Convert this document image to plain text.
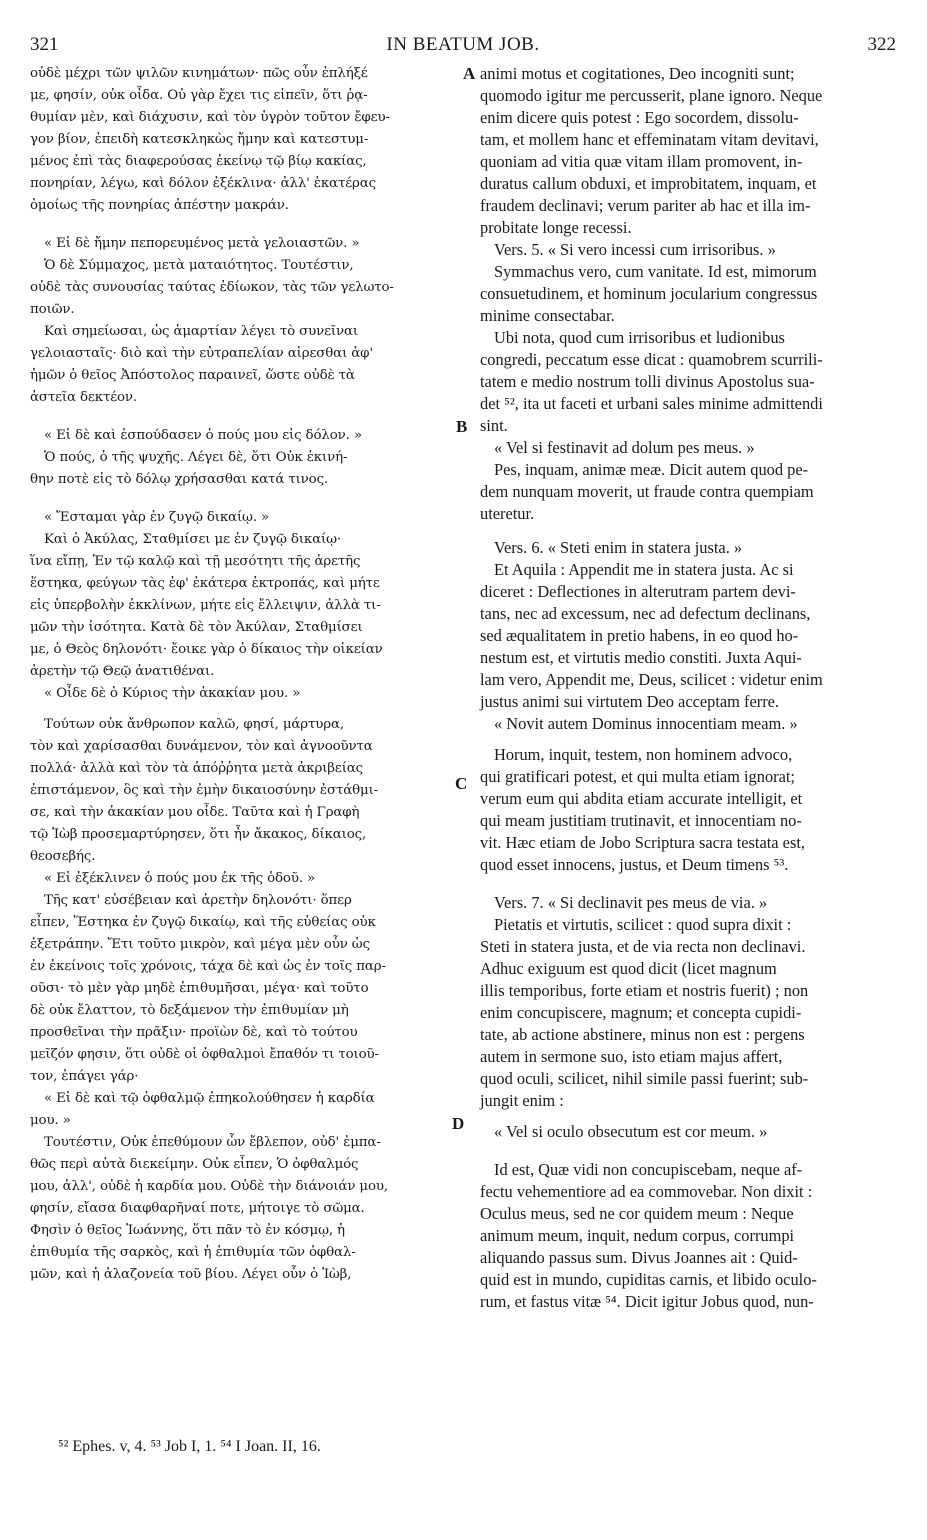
321	IN BEATUM JOB.	322

οὐδὲ μέχρι τῶν ψιλῶν κινημάτων· πῶς οὖν ἐπλήξέ
με, φησίν, οὐκ οἶδα. Οὐ γὰρ ἔχει τις εἰπεῖν, ὅτι ῥᾳ-
θυμίαν μὲν, καὶ διάχυσιν, καὶ τὸν ὑγρὸν τοῦτον ἔφευ-
γον βίον, ἐπειδὴ κατεσκληκὼς ἤμην καὶ κατεστυμ-
μένος ἐπὶ τὰς διαφερούσας ἐκείνῳ τῷ βίῳ κακίας,
πονηρίαν, λέγω, καὶ δόλον ἐξέκλινα· ἀλλ' ἑκατέρας
ὁμοίως τῆς πονηρίας ἀπέστην μακράν.

« Εἰ δὲ ἤμην πεπορευμένος μετὰ γελοιαστῶν. »

Ὁ δὲ Σύμμαχος, μετὰ ματαιότητος. Τουτέστιν,
οὐδὲ τὰς συνουσίας ταύτας ἐδίωκον, τὰς τῶν γελωτο-
ποιῶν.

Καὶ σημείωσαι, ὡς ἁμαρτίαν λέγει τὸ συνεῖναι
γελοιασταῖς· διὸ καὶ τὴν εὐτραπελίαν αἱρεσθαι ἀφ'
ἡμῶν ὁ θεῖος Ἀπόστολος παραινεῖ, ὥστε οὐδὲ τὰ
ἀστεῖα δεκτέον.

« Εἰ δὲ καὶ ἐσπούδασεν ὁ πούς μου εἰς δόλον. »

Ὁ πούς, ὁ τῆς ψυχῆς. Λέγει δὲ, ὅτι Οὐκ ἐκινή-
θην ποτὲ εἰς τὸ δόλῳ χρήσασθαι κατά τινος.

« Ἔσταμαι γὰρ ἐν ζυγῷ δικαίῳ. »

Καὶ ὁ Ἀκύλας, Σταθμίσει με ἐν ζυγῷ δικαίῳ·
ἵνα εἴπῃ, Ἐν τῷ καλῷ καὶ τῇ μεσότητι τῆς ἀρετῆς
ἕστηκα, φεύγων τὰς ἐφ' ἑκάτερα ἐκτροπάς, καὶ μήτε
εἰς ὑπερβολὴν ἐκκλίνων, μήτε εἰς ἔλλειψιν, ἀλλὰ τι-
μῶν τὴν ἰσότητα. Κατὰ δὲ τὸν Ἀκύλαν, Σταθμίσει
με, ὁ Θεὸς δηλονότι· ἔοικε γὰρ ὁ δίκαιος τὴν οἰκείαν
ἀρετὴν τῷ Θεῷ ἀνατιθέναι.

« Οἶδε δὲ ὁ Κύριος τὴν ἀκακίαν μου. »

Τούτων οὐκ ἄνθρωπον καλῶ, φησί, μάρτυρα,
τὸν καὶ χαρίσασθαι δυνάμενον, τὸν καὶ ἀγνοοῦντα
πολλά· ἀλλὰ καὶ τὸν τὰ ἀπόῤῥητα μετὰ ἀκριβείας
ἐπιστάμενον, ὃς καὶ τὴν ἐμὴν δικαιοσύνην ἐστάθμι-
σε, καὶ τὴν ἀκακίαν μου οἶδε. Ταῦτα καὶ ἡ Γραφὴ
τῷ Ἰὼβ προσεμαρτύρησεν, ὅτι ἦν ἄκακος, δίκαιος,
θεοσεβής.

« Εἰ ἐξέκλινεν ὁ πούς μου ἐκ τῆς ὁδοῦ. »

Τῆς κατ' εὐσέβειαν καὶ ἀρετὴν δηλονότι· ὅπερ
εἶπεν, Ἕστηκα ἐν ζυγῷ δικαίῳ, καὶ τῆς εὐθείας οὐκ
ἐξετράπην. Ἔτι τοῦτο μικρὸν, καὶ μέγα μὲν οὖν ὡς
ἐν ἐκείνοις τοῖς χρόνοις, τάχα δὲ καὶ ὡς ἐν τοῖς παρ-
οῦσι· τὸ μὲν γὰρ μηδὲ ἐπιθυμῆσαι, μέγα· καὶ τοῦτο
δὲ οὐκ ἔλαττον, τὸ δεξάμενον τὴν ἐπιθυμίαν μὴ
προσθεῖναι τὴν πρᾶξιν· προϊὼν δὲ, καὶ τὸ τούτου
μεῖζόν φησιν, ὅτι οὐδὲ οἱ ὀφθαλμοὶ ἔπαθόν τι τοιοῦ-
τον, ἐπάγει γάρ·

« Εἰ δὲ καὶ τῷ ὀφθαλμῷ ἐπηκολούθησεν ἡ καρδία
μου. »

Τουτέστιν, Οὐκ ἐπεθύμουν ὧν ἔβλεπον, οὐδ' ἐμπα-
θῶς περὶ αὐτὰ διεκείμην. Οὐκ εἶπεν, Ὁ ὀφθαλμός
μου, ἀλλ', οὐδὲ ἡ καρδία μου. Οὐδὲ τὴν διάνοιάν μου,
φησίν, εἴασα διαφθαρῆναί ποτε, μήτοιγε τὸ σῶμα.
Φησὶν ὁ θεῖος Ἰωάννης, ὅτι πᾶν τὸ ἐν κόσμῳ, ἡ
ἐπιθυμία τῆς σαρκὸς, καὶ ἡ ἐπιθυμία τῶν ὀφθαλ-
μῶν, καὶ ἡ ἀλαζονεία τοῦ βίου. Λέγει οὖν ὁ Ἰὼβ,

animi motus et cogitationes, Deo incogniti sunt;
quomodo igitur me percusserit, plane ignoro. Neque
enim dicere quis potest : Ego socordem, dissolu-
tam, et mollem hanc et effeminatam vitam devitavi,
quoniam ad vitia quæ vitam illam promovent, in-
duratus callum obduxi, et improbitatem, inquam, et
fraudem declinavi; verum pariter ab hac et illa im-
probitate longe recessi.

Vers. 5. « Si vero incessi cum irrisoribus. »

Symmachus vero, cum vanitate. Id est, mimorum
consuetudinem, et hominum jocularium congressus
minime consectabar.

Ubi nota, quod cum irrisoribus et ludionibus
congredi, peccatum esse dicat : quamobrem scurrili-
tatem e medio nostrum tolli divinus Apostolus sua-
det ⁵², ita ut faceti et urbani sales minime admittendi
sint.

« Vel si festinavit ad dolum pes meus. »

Pes, inquam, animæ meæ. Dicit autem quod pe-
dem nunquam moverit, ut fraude contra quempiam
uteretur.

Vers. 6. « Steti enim in statera justa. »

Et Aquila : Appendit me in statera justa. Ac si
diceret : Deflectiones in alterutram partem devi-
tans, nec ad excessum, nec ad defectum declinans,
sed æqualitatem in pretio habens, in eo quod ho-
nestum est, et virtutis medio constiti. Juxta Aqui-
lam vero, Appendit me, Deus, scilicet : videtur enim
justus animi sui virtutem Deo acceptam ferre.

« Novit autem Dominus innocentiam meam. »

Horum, inquit, testem, non hominem advoco,
qui gratificari potest, et qui multa etiam ignorat;
verum eum qui abdita etiam accurate intelligit, et
qui meam justitiam trutinavit, et innocentiam no-
vit. Hæc etiam de Jobo Scriptura sacra testata est,
quod esset innocens, justus, et Deum timens ⁵³.

Vers. 7. « Si declinavit pes meus de via. »

Pietatis et virtutis, scilicet : quod supra dixit :
Steti in statera justa, et de via recta non declinavi.
Adhuc exiguum est quod dicit (licet magnum
illis temporibus, forte etiam et nostris fuerit) ; non
enim concupiscere, magnum; et concepta cupidi-
tate, ab actione abstinere, minus non est : pergens
autem in sermone suo, isto etiam majus affert,
quod oculi, scilicet, nihil simile passi fuerint; sub-
jungit enim :

« Vel si oculo obsecutum est cor meum. »

Id est, Quæ vidi non concupiscebam, neque af-
fectu vehementiore ad ea commovebar. Non dixit :
Oculus meus, sed ne cor quidem meum : Neque
animum meum, inquit, nedum corpus, corrumpi
aliquando passus sum. Divus Joannes ait : Quid-
quid est in mundo, cupiditas carnis, et libido oculo-
rum, et fastus vitæ ⁵⁴. Dicit igitur Jobus quod, nun-

A
B
C
D
⁵² Ephes. v, 4. ⁵³ Job I, 1. ⁵⁴ I Joan. II, 16.
